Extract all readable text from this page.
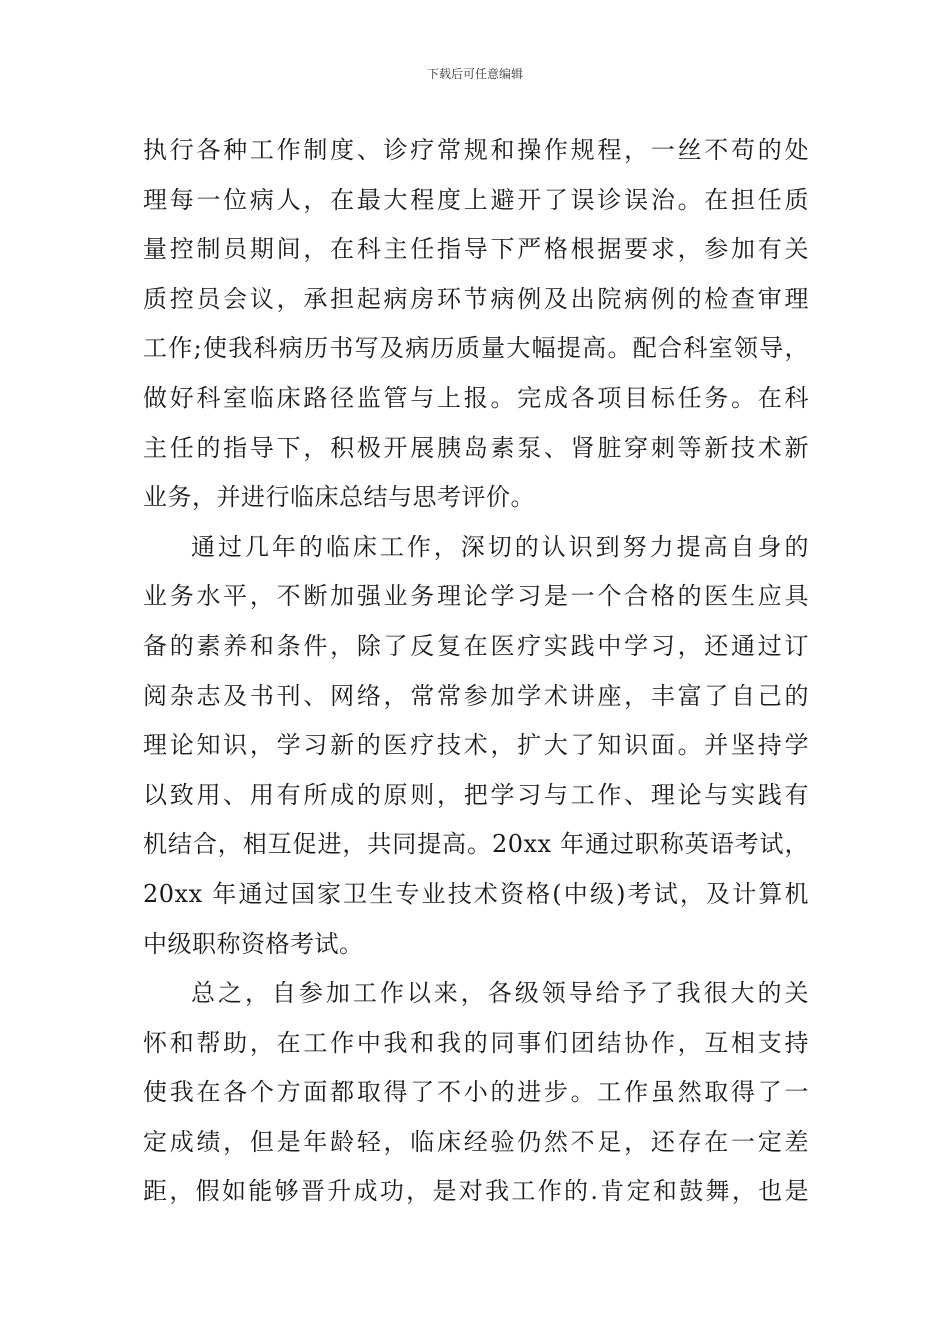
下载后可任意编辑
执行各种工作制度、诊疗常规和操作规程，一丝不苟的处
理每一位病人，在最大程度上避开了误诊误治。在担任质
量控制员期间，在科主任指导下严格根据要求，参加有关
质控员会议，承担起病房环节病例及出院病例的检查审理
工作;使我科病历书写及病历质量大幅提高。配合科室领导，
做好科室临床路径监管与上报。完成各项目标任务。在科
主任的指导下，积极开展胰岛素泵、肾脏穿刺等新技术新
业务，并进行临床总结与思考评价。
通过几年的临床工作，深切的认识到努力提高自身的
业务水平，不断加强业务理论学习是一个合格的医生应具
备的素养和条件，除了反复在医疗实践中学习，还通过订
阅杂志及书刊、网络，常常参加学术讲座，丰富了自己的
理论知识，学习新的医疗技术，扩大了知识面。并坚持学
以致用、用有所成的原则，把学习与工作、理论与实践有
机结合，相互促进，共同提高。20xx 年通过职称英语考试，
20xx 年通过国家卫生专业技术资格(中级)考试，及计算机
中级职称资格考试。
总之，自参加工作以来，各级领导给予了我很大的关
怀和帮助，在工作中我和我的同事们团结协作，互相支持
使我在各个方面都取得了不小的进步。工作虽然取得了一
定成绩，但是年龄轻，临床经验仍然不足，还存在一定差
距，假如能够晋升成功，是对我工作的.肯定和鼓舞，也是
